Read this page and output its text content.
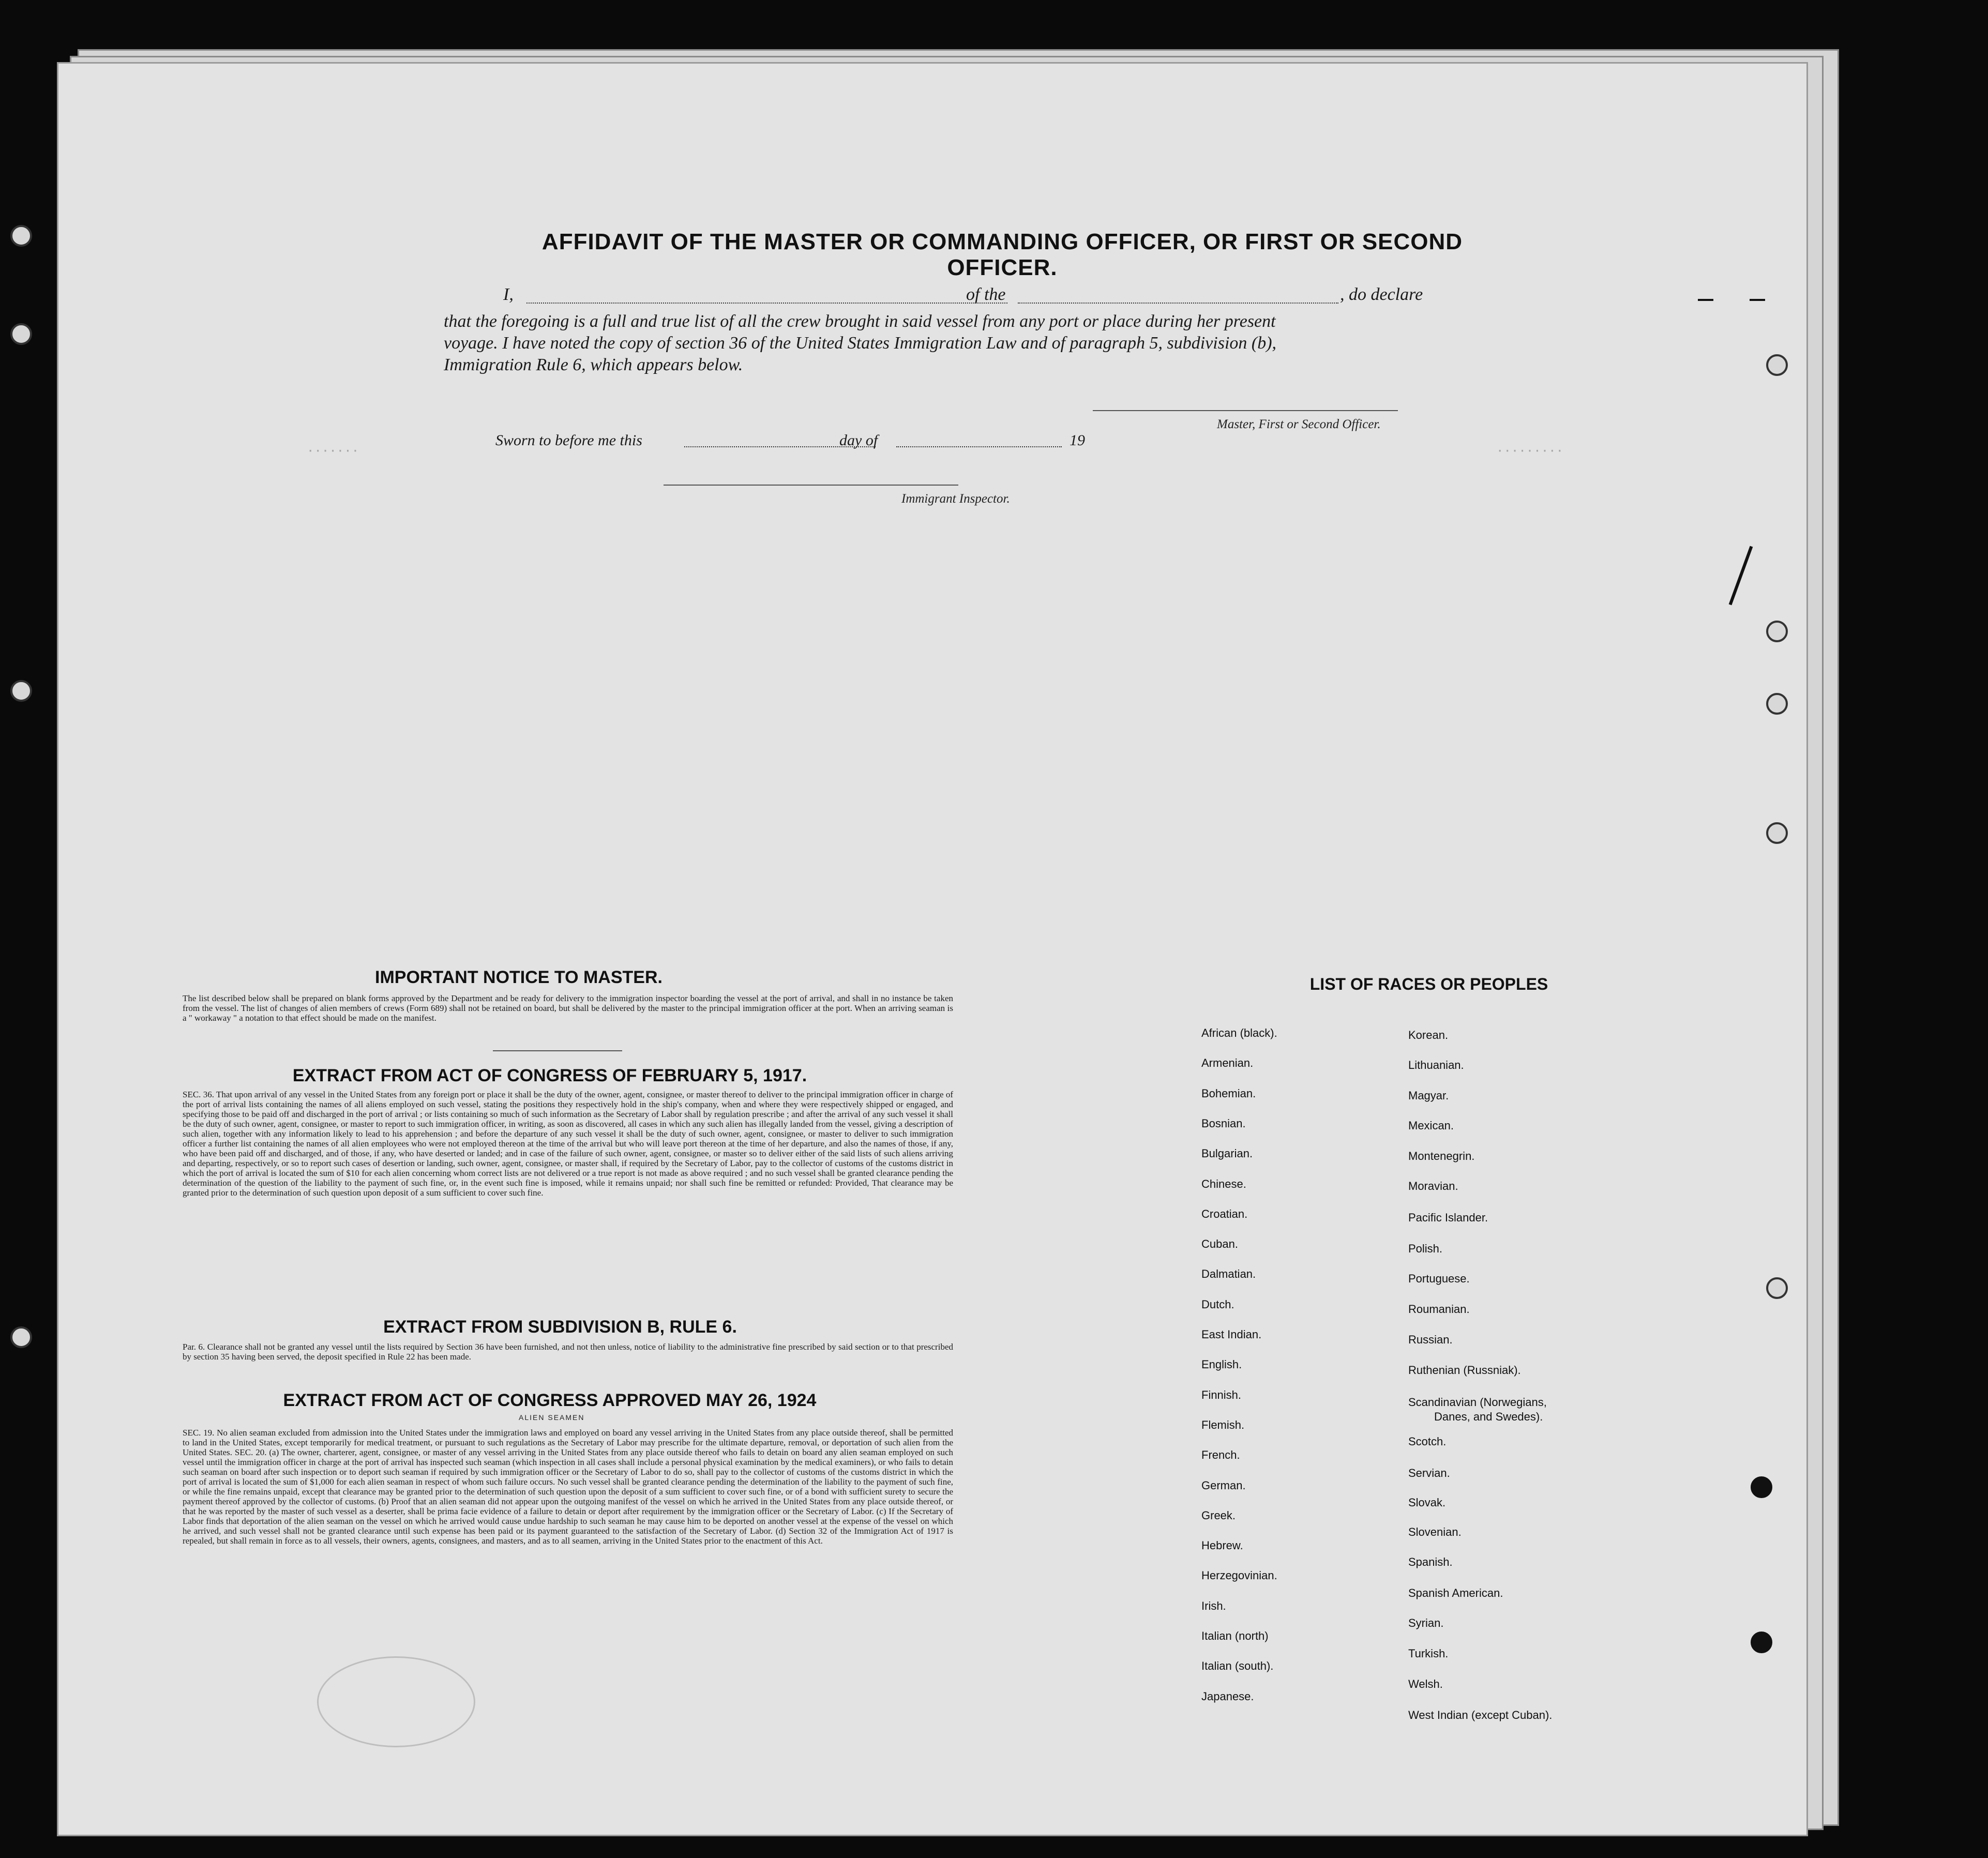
·······	·········
AFFIDAVIT OF THE MASTER OR COMMANDING OFFICER, OR FIRST OR SECOND OFFICER.
I,	of the	, do declare
that the foregoing is a full and true list of all the crew brought in said vessel from any port or place during her present
voyage. I have noted the copy of section 36 of the United States Immigration Law and of paragraph 5, subdivision (b),
Immigration Rule 6, which appears below.
Master, First or Second Officer.
Sworn to before me this	day of	19
Immigrant Inspector.
IMPORTANT NOTICE TO MASTER.
The list described below shall be prepared on blank forms approved by the Department and be ready for delivery to the immigration inspector boarding the vessel at the port of arrival, and shall in no instance be taken from the vessel. The list of changes of alien members of crews (Form 689) shall not be retained on board, but shall be delivered by the master to the principal immigration officer at the port. When an arriving seaman is a " workaway " a notation to that effect should be made on the manifest.
EXTRACT FROM ACT OF CONGRESS OF FEBRUARY 5, 1917.
SEC. 36. That upon arrival of any vessel in the United States from any foreign port or place it shall be the duty of the owner, agent, consignee, or master thereof to deliver to the principal immigration officer in charge of the port of arrival lists containing the names of all aliens employed on such vessel, stating the positions they respectively hold in the ship's company, when and where they were respectively shipped or engaged, and specifying those to be paid off and discharged in the port of arrival ; or lists containing so much of such information as the Secretary of Labor shall by regulation prescribe ; and after the arrival of any such vessel it shall be the duty of such owner, agent, consignee, or master to report to such immigration officer, in writing, as soon as discovered, all cases in which any such alien has illegally landed from the vessel, giving a description of such alien, together with any information likely to lead to his apprehension ; and before the departure of any such vessel it shall be the duty of such owner, agent, consignee, or master to deliver to such immigration officer a further list containing the names of all alien employees who were not employed thereon at the time of the arrival but who will leave port thereon at the time of her departure, and also the names of those, if any, who have been paid off and discharged, and of those, if any, who have deserted or landed; and in case of the failure of such owner, agent, consignee, or master so to deliver either of the said lists of such aliens arriving and departing, respectively, or so to report such cases of desertion or landing, such owner, agent, consignee, or master shall, if required by the Secretary of Labor, pay to the collector of customs of the customs district in which the port of arrival is located the sum of $10 for each alien concerning whom correct lists are not delivered or a true report is not made as above required ; and no such vessel shall be granted clearance pending the determination of the question of the liability to the payment of such fine, or, in the event such fine is imposed, while it remains unpaid; nor shall such fine be remitted or refunded: Provided, That clearance may be granted prior to the determination of such question upon deposit of a sum sufficient to cover such fine.
EXTRACT FROM SUBDIVISION B, RULE 6.
Par. 6. Clearance shall not be granted any vessel until the lists required by Section 36 have been furnished, and not then unless, notice of liability to the administrative fine prescribed by said section or to that prescribed by section 35 having been served, the deposit specified in Rule 22 has been made.
EXTRACT FROM ACT OF CONGRESS APPROVED MAY 26, 1924
ALIEN SEAMEN
SEC. 19. No alien seaman excluded from admission into the United States under the immigration laws and employed on board any vessel arriving in the United States from any place outside thereof, shall be permitted to land in the United States, except temporarily for medical treatment, or pursuant to such regulations as the Secretary of Labor may prescribe for the ultimate departure, removal, or deportation of such alien from the United States. SEC. 20. (a) The owner, charterer, agent, consignee, or master of any vessel arriving in the United States from any place outside thereof who fails to detain on board any alien seaman employed on such vessel until the immigration officer in charge at the port of arrival has inspected such seaman (which inspection in all cases shall include a personal physical examination by the medical examiners), or who fails to detain such seaman on board after such inspection or to deport such seaman if required by such immigration officer or the Secretary of Labor to do so, shall pay to the collector of customs of the customs district in which the port of arrival is located the sum of $1,000 for each alien seaman in respect of whom such failure occurs. No such vessel shall be granted clearance pending the determination of the liability to the payment of such fine, or while the fine remains unpaid, except that clearance may be granted prior to the determination of such question upon the deposit of a sum sufficient to cover such fine, or of a bond with sufficient surety to secure the payment thereof approved by the collector of customs. (b) Proof that an alien seaman did not appear upon the outgoing manifest of the vessel on which he arrived in the United States from any place outside thereof, or that he was reported by the master of such vessel as a deserter, shall be prima facie evidence of a failure to detain or deport after requirement by the immigration officer or the Secretary of Labor. (c) If the Secretary of Labor finds that deportation of the alien seaman on the vessel on which he arrived would cause undue hardship to such seaman he may cause him to be deported on another vessel at the expense of the vessel on which he arrived, and such vessel shall not be granted clearance until such expense has been paid or its payment guaranteed to the satisfaction of the Secretary of Labor. (d) Section 32 of the Immigration Act of 1917 is repealed, but shall remain in force as to all vessels, their owners, agents, consignees, and masters, and as to all seamen, arriving in the United States prior to the enactment of this Act.
LIST OF RACES OR PEOPLES
African (black).
Armenian.
Bohemian.
Bosnian.
Bulgarian.
Chinese.
Croatian.
Cuban.
Dalmatian.
Dutch.
East Indian.
English.
Finnish.
Flemish.
French.
German.
Greek.
Hebrew.
Herzegovinian.
Irish.
Italian (north)
Italian (south).
Japanese.
Korean.
Lithuanian.
Magyar.
Mexican.
Montenegrin.
Moravian.
Pacific Islander.
Polish.
Portuguese.
Roumanian.
Russian.
Ruthenian (Russniak).
Scandinavian (Norwegians,
Danes, and Swedes).
Scotch.
Servian.
Slovak.
Slovenian.
Spanish.
Spanish American.
Syrian.
Turkish.
Welsh.
West Indian (except Cuban).
